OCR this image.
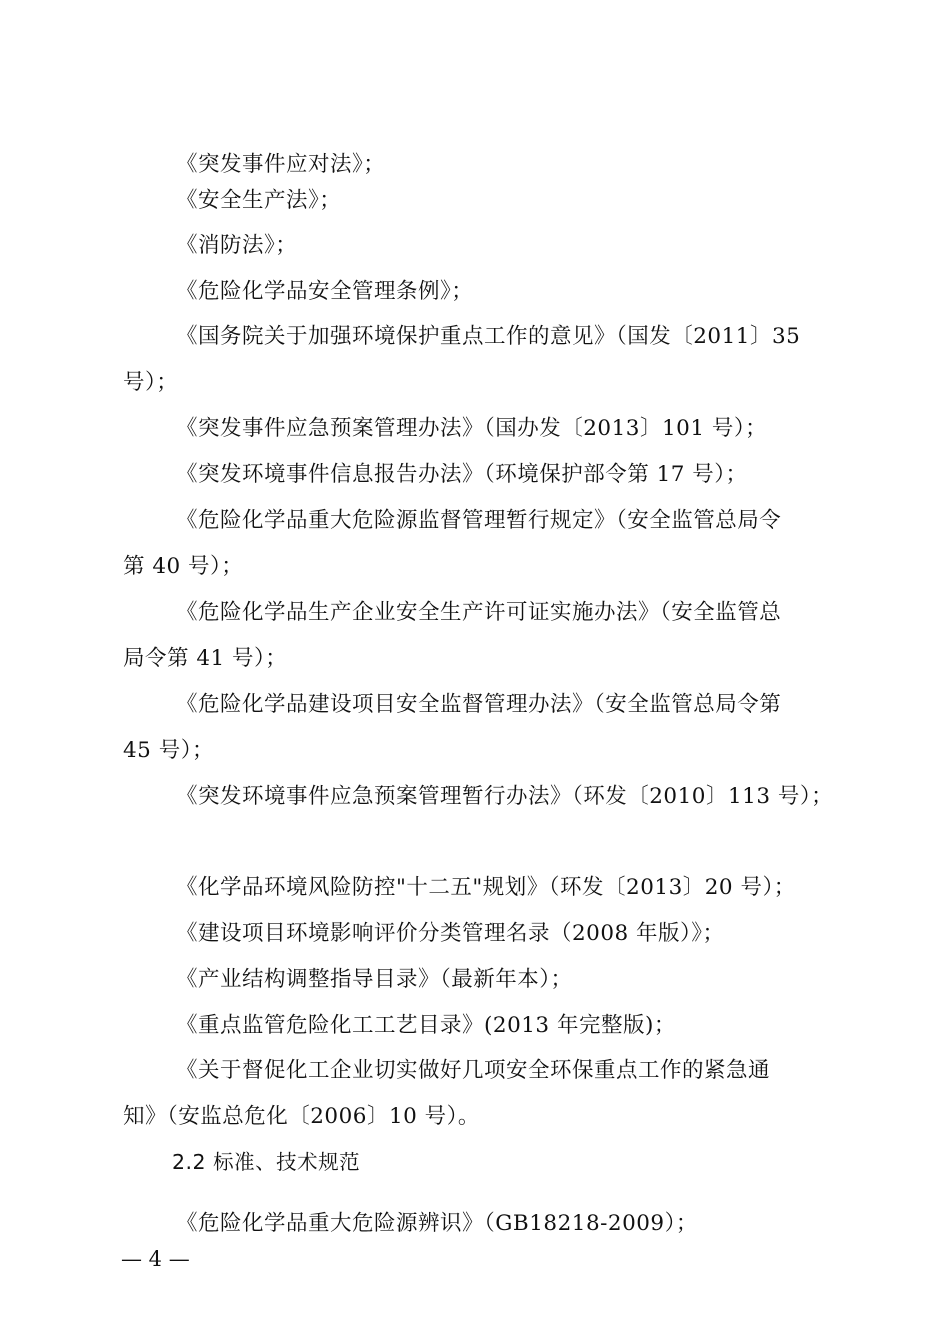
《突发事件应对法》；
《安全生产法》；
《消防法》；
《危险化学品安全管理条例》；
《国务院关于加强环境保护重点工作的意见》（国发〔2011〕35
号）；
《突发事件应急预案管理办法》（国办发〔2013〕101 号）；
《突发环境事件信息报告办法》（环境保护部令第 17 号）；
《危险化学品重大危险源监督管理暂行规定》（安全监管总局令
第 40 号）；
《危险化学品生产企业安全生产许可证实施办法》（安全监管总
局令第 41 号）；
《危险化学品建设项目安全监督管理办法》（安全监管总局令第
45 号）；
《突发环境事件应急预案管理暂行办法》（环发〔2010〕113 号）；
《化学品环境风险防控"十二五"规划》（环发〔2013〕20 号）；
《建设项目环境影响评价分类管理名录（2008 年版）》；
《产业结构调整指导目录》（最新年本）；
《重点监管危险化工工艺目录》(2013 年完整版)；
《关于督促化工企业切实做好几项安全环保重点工作的紧急通
知》（安监总危化〔2006〕10 号）。
2.2 标准、技术规范
《危险化学品重大危险源辨识》（GB18218-2009）；
— 4 —
